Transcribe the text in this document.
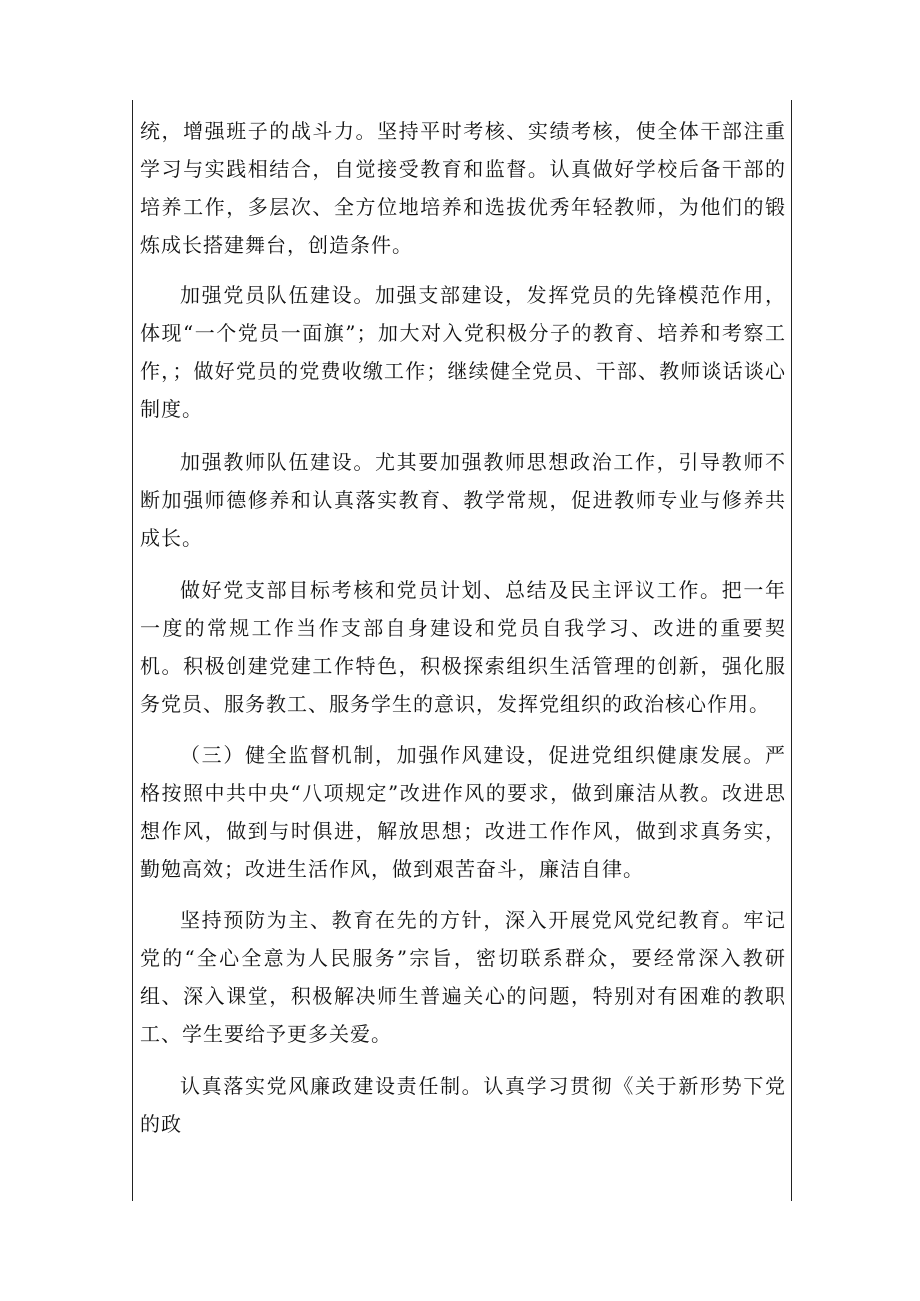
统，增强班子的战斗力。坚持平时考核、实绩考核，使全体干部注重学习与实践相结合，自觉接受教育和监督。认真做好学校后备干部的培养工作，多层次、全方位地培养和选拔优秀年轻教师，为他们的锻炼成长搭建舞台，创造条件。

加强党员队伍建设。加强支部建设，发挥党员的先锋模范作用，体现“一个党员一面旗”；加大对入党积极分子的教育、培养和考察工作，；做好党员的党费收缴工作；继续健全党员、干部、教师谈话谈心制度。

加强教师队伍建设。尤其要加强教师思想政治工作，引导教师不断加强师德修养和认真落实教育、教学常规，促进教师专业与修养共成长。

做好党支部目标考核和党员计划、总结及民主评议工作。把一年一度的常规工作当作支部自身建设和党员自我学习、改进的重要契机。积极创建党建工作特色，积极探索组织生活管理的创新，强化服务党员、服务教工、服务学生的意识，发挥党组织的政治核心作用。

（三）健全监督机制，加强作风建设，促进党组织健康发展。严格按照中共中央“八项规定”改进作风的要求，做到廉洁从教。改进思想作风，做到与时俱进，解放思想；改进工作作风，做到求真务实，勤勉高效；改进生活作风，做到艰苦奋斗，廉洁自律。

坚持预防为主、教育在先的方针，深入开展党风党纪教育。牢记党的“全心全意为人民服务”宗旨，密切联系群众，要经常深入教研组、深入课堂，积极解决师生普遍关心的问题，特别对有困难的教职工、学生要给予更多关爱。

认真落实党风廉政建设责任制。认真学习贯彻《关于新形势下党的政
